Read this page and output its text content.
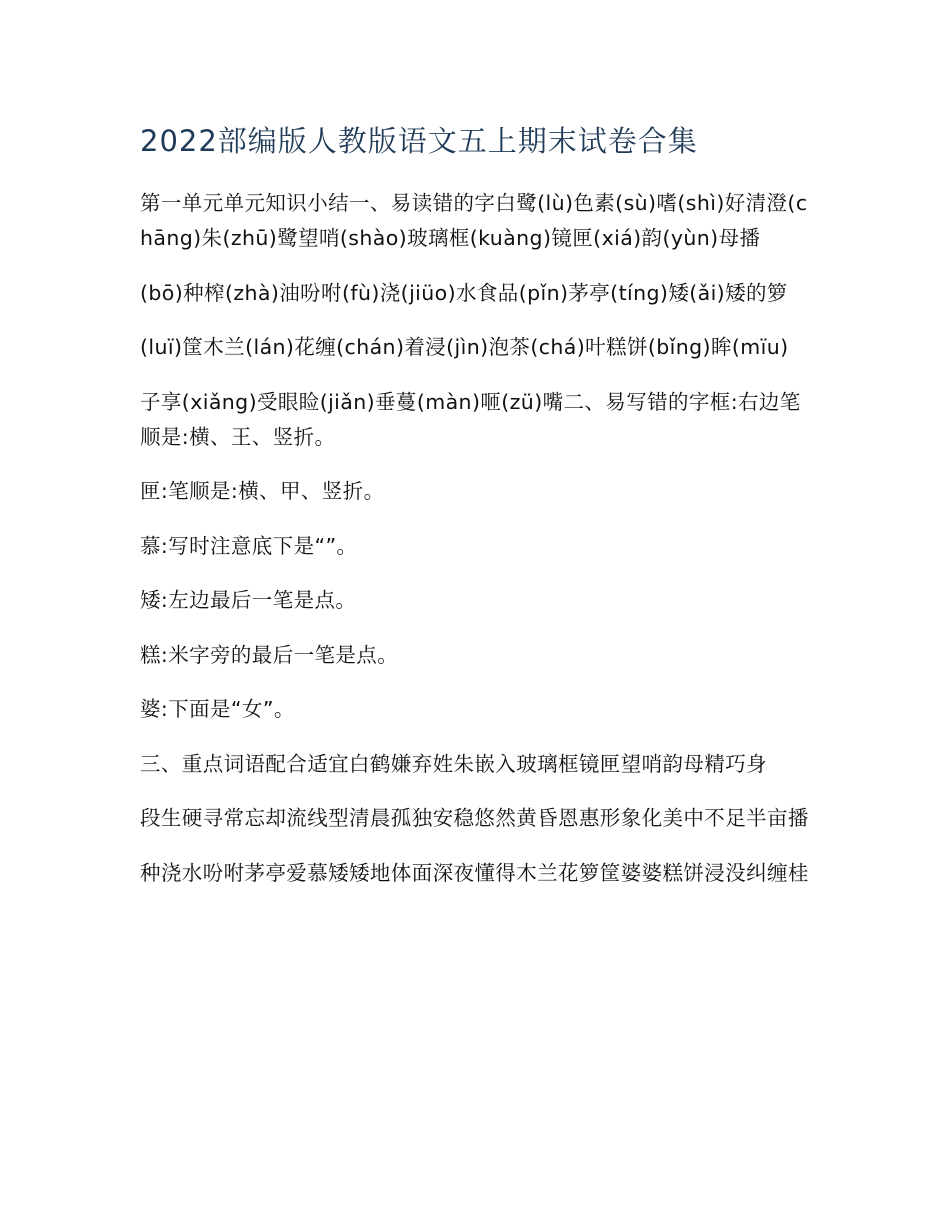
2022部编版人教版语文五上期末试卷合集

第一单元单元知识小结一、易读错的字白鹭(lù)色素(sù)嗜(shì)好清澄(chāng)朱(zhū)鹭望哨(shào)玻璃框(kuàng)镜匣(xiá)韵(yùn)母播

(bō)种榨(zhà)油吩咐(fù)浇(jiüo)水食品(pǐn)茅亭(tíng)矮(ǎi)矮的箩

(luï)筐木兰(lán)花缠(chán)着浸(jìn)泡茶(chá)叶糕饼(bǐng)眸(mïu)

子享(xiǎng)受眼睑(jiǎn)垂蔓(màn)咂(zü)嘴二、易写错的字框:右边笔顺是:横、王、竖折。

匣:笔顺是:横、甲、竖折。

慕:写时注意底下是“”。

矮:左边最后一笔是点。

糕:米字旁的最后一笔是点。

婆:下面是“女”。

三、重点词语配合适宜白鹤嫌弃姓朱嵌入玻璃框镜匣望哨韵母精巧身

段生硬寻常忘却流线型清晨孤独安稳悠然黄昏恩惠形象化美中不足半亩播

种浇水吩咐茅亭爱慕矮矮地体面深夜懂得木兰花箩筐婆婆糕饼浸没纠缠桂
